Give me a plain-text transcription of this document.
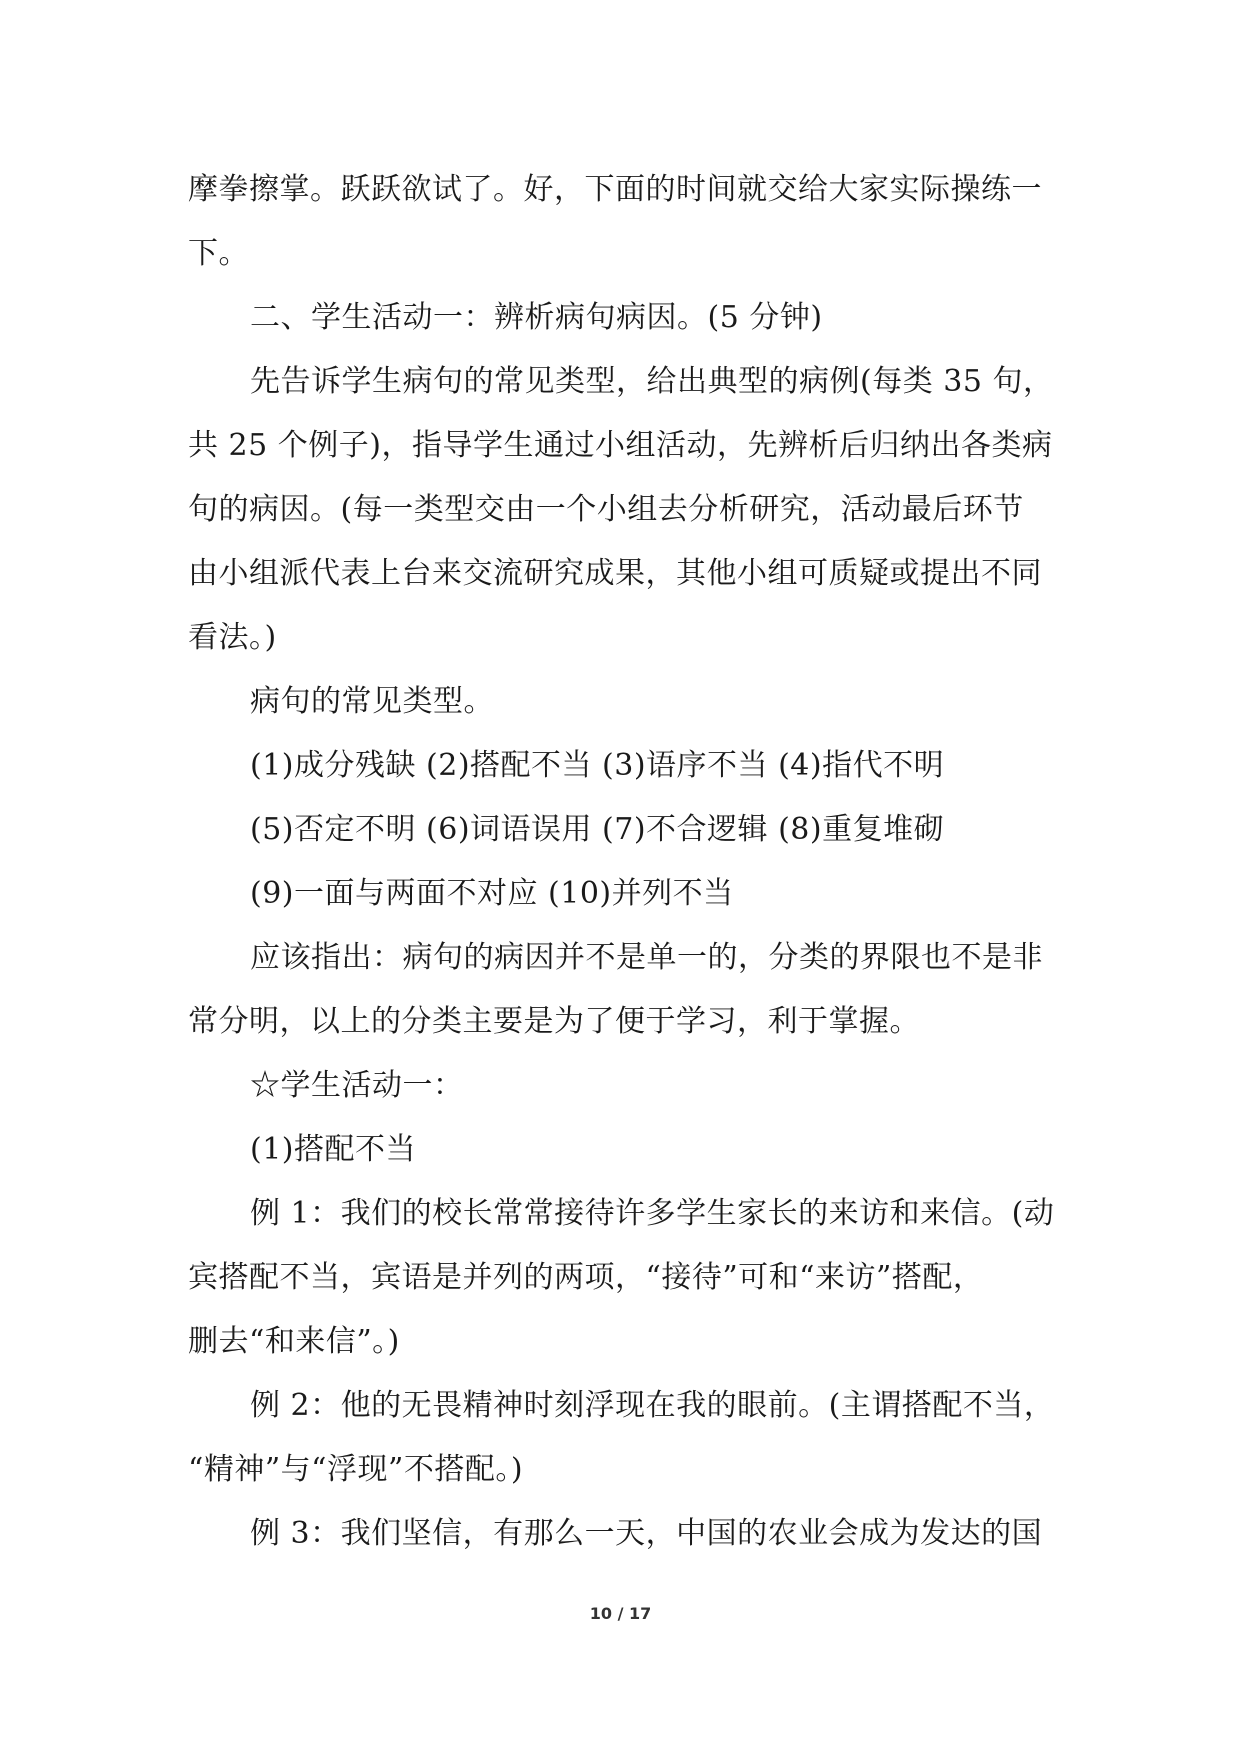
摩拳擦掌。跃跃欲试了。好，下面的时间就交给大家实际操练一
下。
二、学生活动一：辨析病句病因。(5 分钟)
先告诉学生病句的常见类型，给出典型的病例(每类 35 句，
共 25 个例子)，指导学生通过小组活动，先辨析后归纳出各类病
句的病因。(每一类型交由一个小组去分析研究，活动最后环节
由小组派代表上台来交流研究成果，其他小组可质疑或提出不同
看法。)
病句的常见类型。
(1)成分残缺 (2)搭配不当 (3)语序不当 (4)指代不明
(5)否定不明 (6)词语误用 (7)不合逻辑 (8)重复堆砌
(9)一面与两面不对应 (10)并列不当
应该指出：病句的病因并不是单一的，分类的界限也不是非
常分明，以上的分类主要是为了便于学习，利于掌握。
☆学生活动一：
(1)搭配不当
例 1：我们的校长常常接待许多学生家长的来访和来信。(动
宾搭配不当，宾语是并列的两项，“接待”可和“来访”搭配，
删去“和来信”。)
例 2：他的无畏精神时刻浮现在我的眼前。(主谓搭配不当，
“精神”与“浮现”不搭配。)
例 3：我们坚信，有那么一天，中国的农业会成为发达的国
10 / 17
